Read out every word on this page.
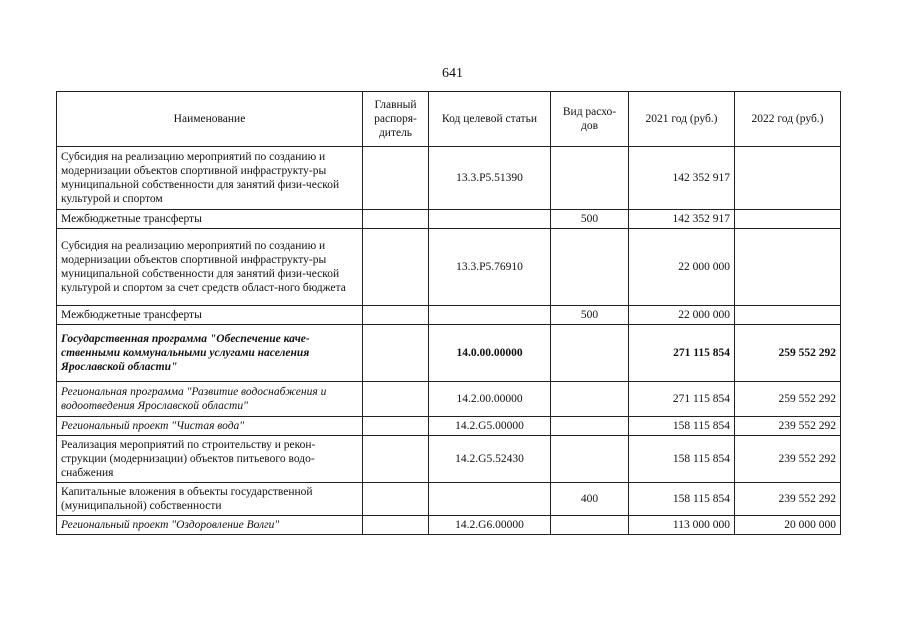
641
Наименование	Главный распоря-дитель	Код целевой статьи	Вид расхо-дов	2021 год (руб.)	2022 год (руб.)
Субсидия на реализацию мероприятий по созданию и модернизации объектов спортивной инфраструкту-ры муниципальной собственности для занятий физи-ческой культурой и спортом		13.3.P5.51390		142 352 917	
Межбюджетные трансферты			500	142 352 917	
Субсидия на реализацию мероприятий по созданию и модернизации объектов спортивной инфраструкту-ры муниципальной собственности для занятий физи-ческой культурой и спортом за счет средств област-ного бюджета		13.3.P5.76910		22 000 000	
Межбюджетные трансферты			500	22 000 000	
Государственная программа "Обеспечение каче-ственными коммунальными услугами населения Ярославской области"		14.0.00.00000		271 115 854	259 552 292
Региональная программа "Развитие водоснабжения и водоотведения Ярославской области"		14.2.00.00000		271 115 854	259 552 292
Региональный проект "Чистая вода"		14.2.G5.00000		158 115 854	239 552 292
Реализация мероприятий по строительству и рекон-струкции (модернизации) объектов питьевого водо-снабжения		14.2.G5.52430		158 115 854	239 552 292
Капитальные вложения в объекты государственной (муниципальной) собственности			400	158 115 854	239 552 292
Региональный проект "Оздоровление Волги"		14.2.G6.00000		113 000 000	20 000 000
